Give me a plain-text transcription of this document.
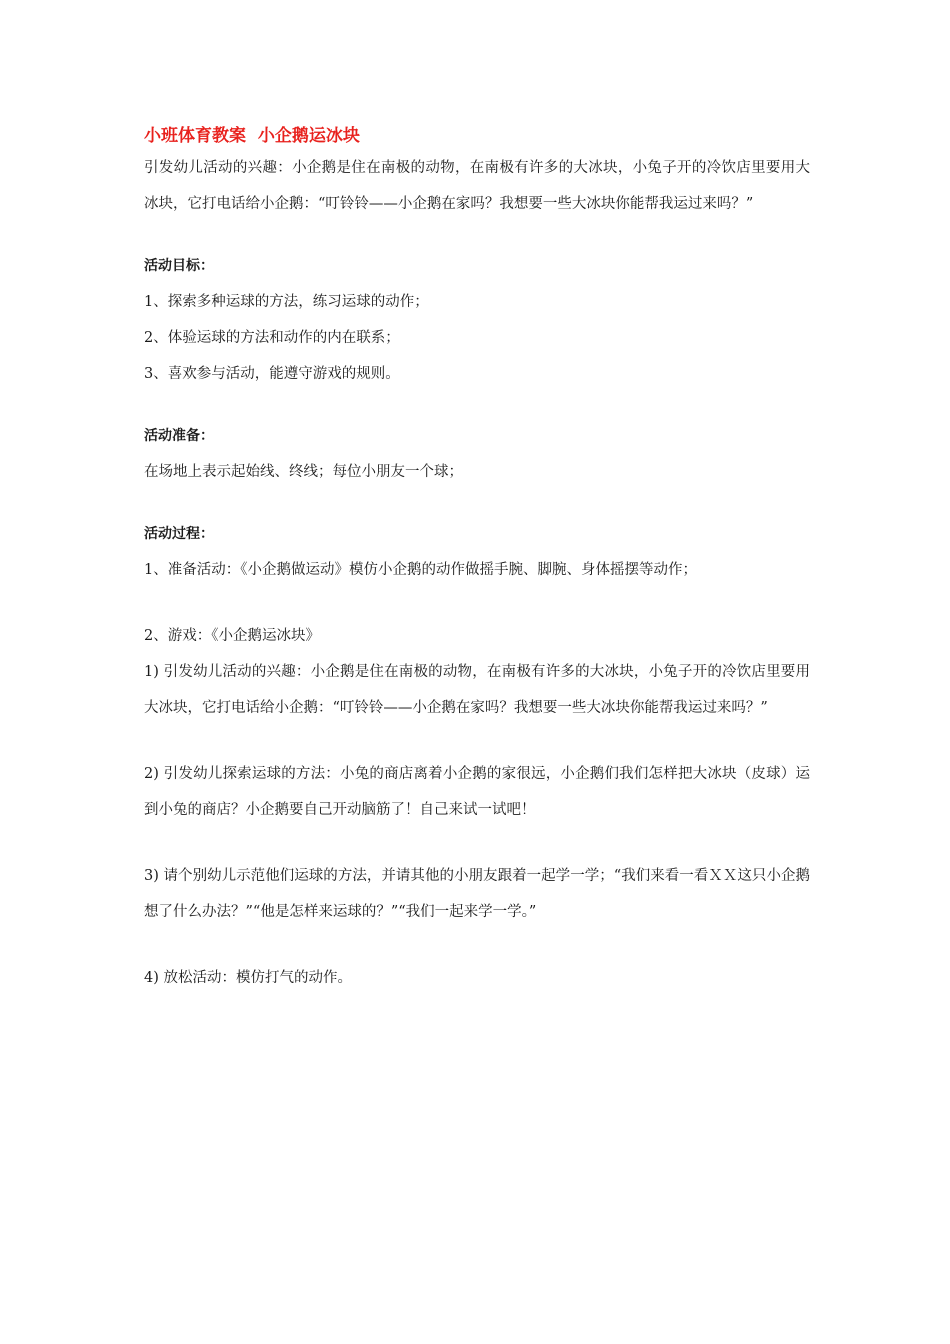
小班体育教案  小企鹅运冰块

引发幼儿活动的兴趣：小企鹅是住在南极的动物，在南极有许多的大冰块，小兔子开的冷饮店里要用大冰块，它打电话给小企鹅：“叮铃铃——小企鹅在家吗？我想要一些大冰块你能帮我运过来吗？”

活动目标：

1、探索多种运球的方法，练习运球的动作；

2、体验运球的方法和动作的内在联系；

3、喜欢参与活动，能遵守游戏的规则。

活动准备：

在场地上表示起始线、终线；每位小朋友一个球；

活动过程：

1、准备活动：《小企鹅做运动》模仿小企鹅的动作做摇手腕、脚腕、身体摇摆等动作；

2、游戏：《小企鹅运冰块》

1) 引发幼儿活动的兴趣：小企鹅是住在南极的动物，在南极有许多的大冰块，小兔子开的冷饮店里要用大冰块，它打电话给小企鹅：“叮铃铃——小企鹅在家吗？我想要一些大冰块你能帮我运过来吗？”

2) 引发幼儿探索运球的方法：小兔的商店离着小企鹅的家很远，小企鹅们我们怎样把大冰块（皮球）运到小兔的商店？小企鹅要自己开动脑筋了！自己来试一试吧！

3) 请个别幼儿示范他们运球的方法，并请其他的小朋友跟着一起学一学；“我们来看一看ＸＸ这只小企鹅想了什么办法？”“他是怎样来运球的？”“我们一起来学一学。”

4) 放松活动：模仿打气的动作。
